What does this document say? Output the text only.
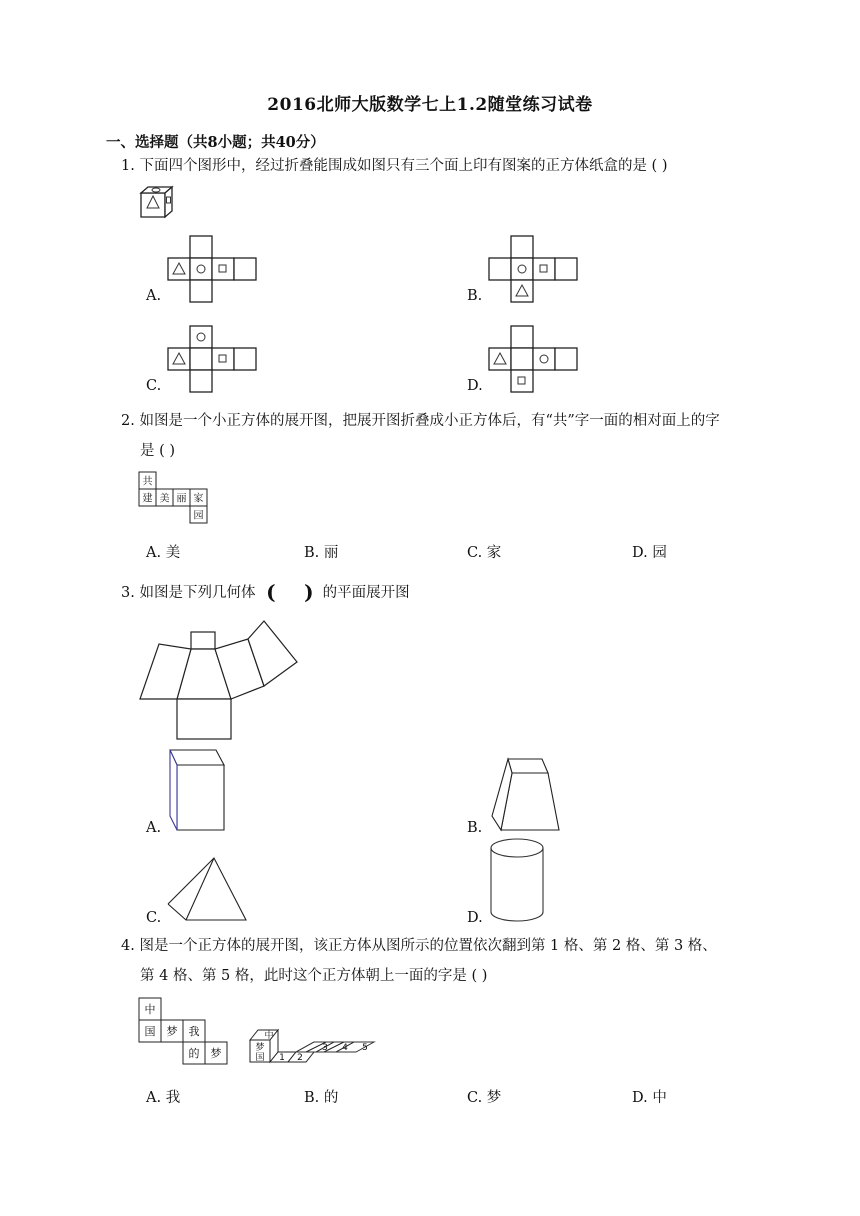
2016北师大版数学七上1.2随堂练习试卷
一、选择题（共8小题；共40分）
1. 下面四个图形中，经过折叠能围成如图只有三个面上印有图案的正方体纸盒的是 ( )
A.	B.
C.	D.
2. 如图是一个小正方体的展开图，把展开图折叠成小正方体后，有“共”字一面的相对面上的字
是 ( )
共
建 美 丽 家
园
A. 美	B. 丽	C. 家	D. 园
3. 如图是下列几何体 ( ) 的平面展开图
A.	B.
C.	D.
4. 图是一个正方体的展开图，该正方体从图所示的位置依次翻到第 1 格、第 2 格、第 3 格、
第 4 格、第 5 格，此时这个正方体朝上一面的字是 ( )
中
国 梦 我
的 梦
中
梦
国 1 2
3 4 5
A. 我	B. 的	C. 梦	D. 中
